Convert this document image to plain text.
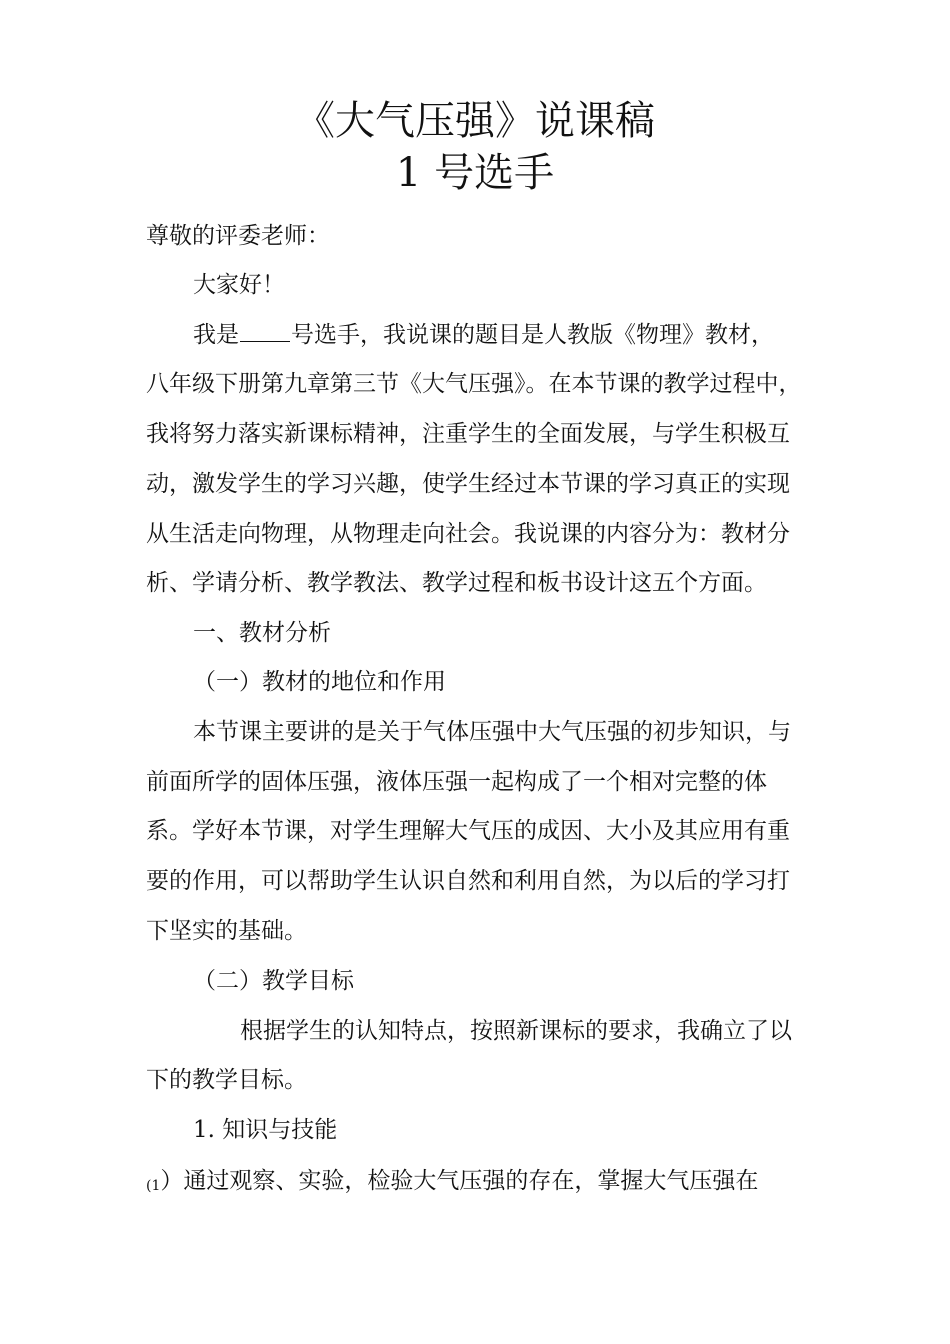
《大气压强》说课稿
1 号选手
尊敬的评委老师：
大家好！
我是 号选手，我说课的题目是人教版《物理》教材，
八年级下册第九章第三节《大气压强》。在本节课的教学过程中，
我将努力落实新课标精神，注重学生的全面发展，与学生积极互
动，激发学生的学习兴趣，使学生经过本节课的学习真正的实现
从生活走向物理，从物理走向社会。我说课的内容分为：教材分
析、学请分析、教学教法、教学过程和板书设计这五个方面。
一、教材分析
（一）教材的地位和作用
本节课主要讲的是关于气体压强中大气压强的初步知识，与
前面所学的固体压强，液体压强一起构成了一个相对完整的体
系。学好本节课，对学生理解大气压的成因、大小及其应用有重
要的作用，可以帮助学生认识自然和利用自然，为以后的学习打
下坚实的基础。
（二）教学目标
根据学生的认知特点，按照新课标的要求，我确立了以
下的教学目标。
1. 知识与技能
(1）通过观察、实验，检验大气压强的存在，掌握大气压强在
